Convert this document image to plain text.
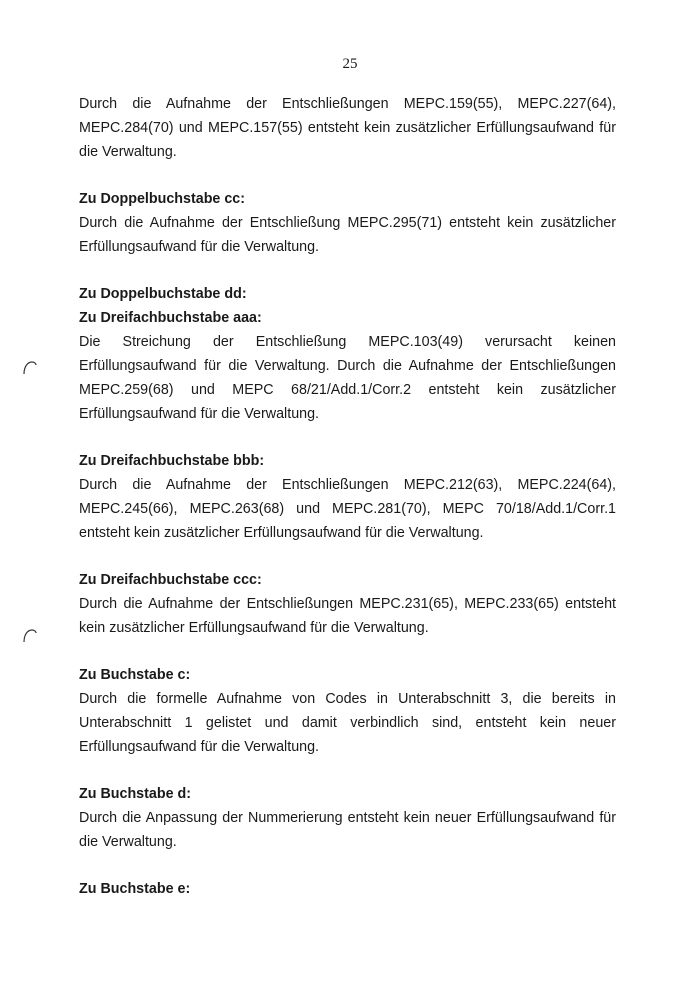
25

Durch die Aufnahme der Entschließungen MEPC.159(55), MEPC.227(64), MEPC.284(70) und MEPC.157(55) entsteht kein zusätzlicher Erfüllungsaufwand für die Verwaltung.

Zu Doppelbuchstabe cc:

Durch die Aufnahme der Entschließung MEPC.295(71) entsteht kein zusätzlicher Erfüllungsaufwand für die Verwaltung.

Zu Doppelbuchstabe dd:

Zu Dreifachbuchstabe aaa:

Die Streichung der Entschließung MEPC.103(49) verursacht keinen Erfüllungsaufwand für die Verwaltung. Durch die Aufnahme der Entschließungen MEPC.259(68) und MEPC 68/21/Add.1/Corr.2 entsteht kein zusätzlicher Erfüllungsaufwand für die Verwaltung.

Zu Dreifachbuchstabe bbb:

Durch die Aufnahme der Entschließungen MEPC.212(63), MEPC.224(64), MEPC.245(66), MEPC.263(68) und MEPC.281(70), MEPC 70/18/Add.1/Corr.1 entsteht kein zusätzlicher Erfüllungsaufwand für die Verwaltung.

Zu Dreifachbuchstabe ccc:

Durch die Aufnahme der Entschließungen MEPC.231(65), MEPC.233(65) entsteht kein zusätzlicher Erfüllungsaufwand für die Verwaltung.

Zu Buchstabe c:

Durch die formelle Aufnahme von Codes in Unterabschnitt 3, die bereits in Unterabschnitt 1 gelistet und damit verbindlich sind, entsteht kein neuer Erfüllungsaufwand für die Verwaltung.

Zu Buchstabe d:

Durch die Anpassung der Nummerierung entsteht kein neuer Erfüllungsaufwand für die Verwaltung.

Zu Buchstabe e:
